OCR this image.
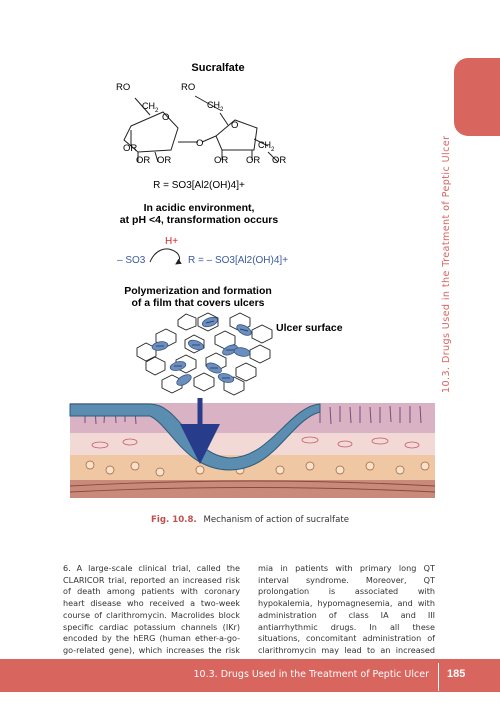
10.3. Drugs Used in the Treatment of Peptic Ulcer
Sucralfate
RO
$CH_2$
O
O
OR
OR OR
RO
$CH_2$
O
$CH_2$
OR OR OR
R = SO3[Al2(OH)4]+
In acidic environment,
at pH <4, transformation occurs
H+
– SO3	R = – SO3[Al2(OH)4]+
Polymerization and formation
of a film that covers ulcers
Ulcer surface
Fig. 10.8. Mechanism of action of sucralfate
6. A large-scale clinical trial, called the CLARICOR trial, reported an increased risk of death among patients with coronary heart disease who received a two-week course of clarithromycin. Macrolides block specific cardiac potassium channels (IKr) encoded by the hERG (human ether-a-go-go-related gene), which increases the risk
mia in patients with primary long QT interval syndrome. Moreover, QT prolongation is associated with hypokalemia, hypomagnesemia, and with administration of class IA and III antiarrhythmic drugs. In all these situations, concomitant administration of clarithromycin may lead to an increased
10.3. Drugs Used in the Treatment of Peptic Ulcer 185
